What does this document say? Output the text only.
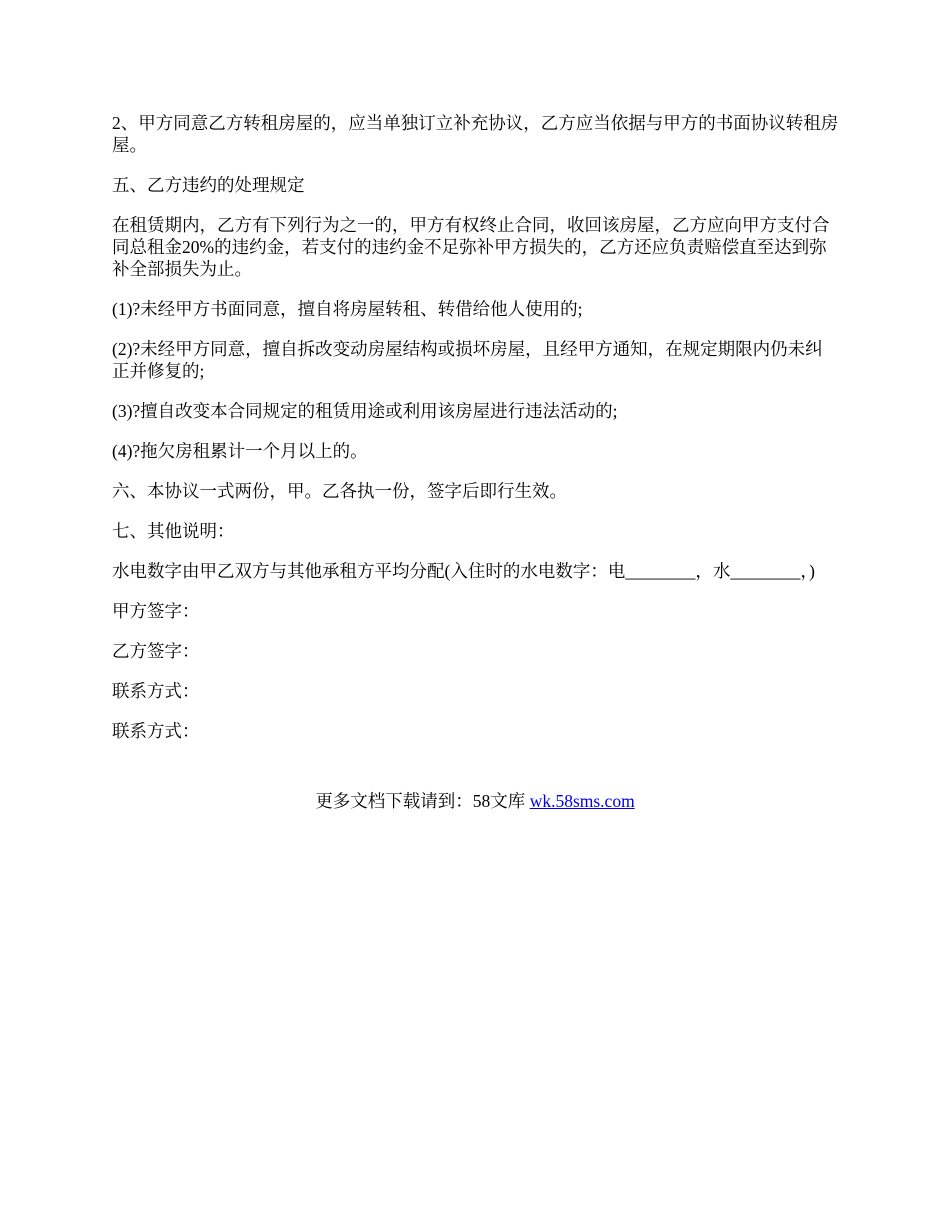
2、甲方同意乙方转租房屋的，应当单独订立补充协议，乙方应当依据与甲方的书面协议转租房屋。

五、乙方违约的处理规定

在租赁期内，乙方有下列行为之一的，甲方有权终止合同，收回该房屋，乙方应向甲方支付合同总租金20%的违约金，若支付的违约金不足弥补甲方损失的，乙方还应负责赔偿直至达到弥补全部损失为止。

(1)?未经甲方书面同意，擅自将房屋转租、转借给他人使用的;

(2)?未经甲方同意，擅自拆改变动房屋结构或损坏房屋，且经甲方通知，在规定期限内仍未纠正并修复的;

(3)?擅自改变本合同规定的租赁用途或利用该房屋进行违法活动的;

(4)?拖欠房租累计一个月以上的。

六、本协议一式两份，甲。乙各执一份，签字后即行生效。

七、其他说明：

水电数字由甲乙双方与其他承租方平均分配(入住时的水电数字：电________，水________，)

甲方签字：

乙方签字：

联系方式：

联系方式：

更多文档下载请到：58文库 wk.58sms.com
